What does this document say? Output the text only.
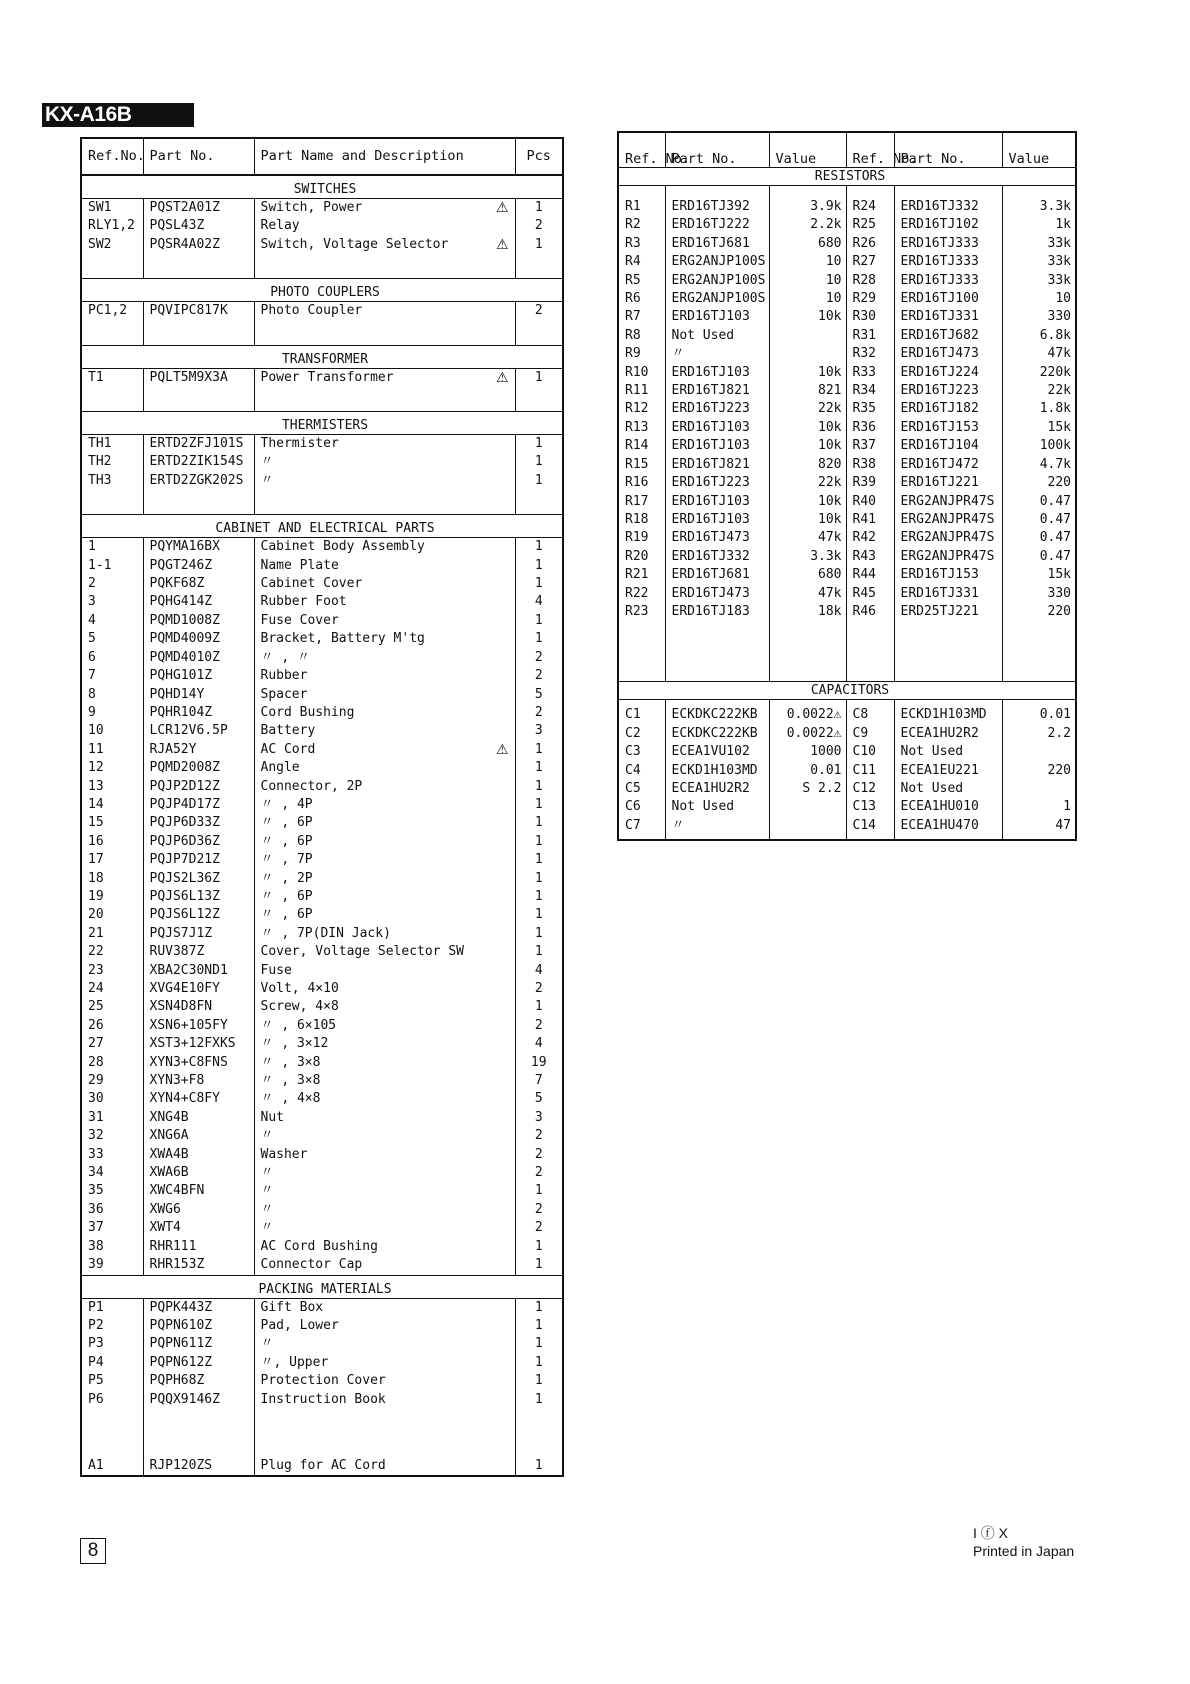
KX-A16B
Ref.No.	Part No.	Part Name and Description	Pcs
SWITCHES			
SW1	PQST2A01Z	Switch, Power ⚠	1
RLY1,2	PQSL43Z	Relay	2
SW2	PQSR4A02Z	Switch, Voltage Selector ⚠	1

PHOTO COUPLERS			
PC1,2	PQVIPC817K	Photo Coupler	2

TRANSFORMER			
T1	PQLT5M9X3A	Power Transformer ⚠	1

THERMISTERS			
TH1	ERTD2ZFJ101S	Thermister	1
TH2	ERTD2ZIK154S	〃	1
TH3	ERTD2ZGK202S	〃	1

CABINET AND ELECTRICAL PARTS			
1	PQYMA16BX	Cabinet Body Assembly	1
1-1	PQGT246Z	Name Plate	1
2	PQKF68Z	Cabinet Cover	1
3	PQHG414Z	Rubber Foot	4
4	PQMD1008Z	Fuse Cover	1
5	PQMD4009Z	Bracket, Battery M'tg	1
6	PQMD4010Z	〃 , 〃	2
7	PQHG101Z	Rubber	2
8	PQHD14Y	Spacer	5
9	PQHR104Z	Cord Bushing	2
10	LCR12V6.5P	Battery	3
11	RJA52Y	AC Cord ⚠	1
12	PQMD2008Z	Angle	1
13	PQJP2D12Z	Connector, 2P	1
14	PQJP4D17Z	〃 , 4P	1
15	PQJP6D33Z	〃 , 6P	1
16	PQJP6D36Z	〃 , 6P	1
17	PQJP7D21Z	〃 , 7P	1
18	PQJS2L36Z	〃 , 2P	1
19	PQJS6L13Z	〃 , 6P	1
20	PQJS6L12Z	〃 , 6P	1
21	PQJS7J1Z	〃 , 7P(DIN Jack)	1
22	RUV387Z	Cover, Voltage Selector SW	1
23	XBA2C30ND1	Fuse	4
24	XVG4E10FY	Volt, 4×10	2
25	XSN4D8FN	Screw, 4×8	1
26	XSN6+105FY	〃 , 6×105	2
27	XST3+12FXKS	〃 , 3×12	4
28	XYN3+C8FNS	〃 , 3×8	19
29	XYN3+F8	〃 , 3×8	7
30	XYN4+C8FY	〃 , 4×8	5
31	XNG4B	Nut	3
32	XNG6A	〃	2
33	XWA4B	Washer	2
34	XWA6B	〃	2
35	XWC4BFN	〃	1
36	XWG6	〃	2
37	XWT4	〃	2
38	RHR111	AC Cord Bushing	1
39	RHR153Z	Connector Cap	1
PACKING MATERIALS			
P1	PQPK443Z	Gift Box	1
P2	PQPN610Z	Pad, Lower	1
P3	PQPN611Z	〃	1
P4	PQPN612Z	〃, Upper	1
P5	PQPH68Z	Protection Cover	1
P6	PQQX9146Z	Instruction Book	1

A1	RJP120ZS	Plug for AC Cord	1
Ref. No.	Part No.	Value	Ref. No.	Part No.	Value
RESISTORS					

R1	ERD16TJ392	3.9k	R24	ERD16TJ332	3.3k
R2	ERD16TJ222	2.2k	R25	ERD16TJ102	1k
R3	ERD16TJ681	680	R26	ERD16TJ333	33k
R4	ERG2ANJP100S	10	R27	ERD16TJ333	33k
R5	ERG2ANJP100S	10	R28	ERD16TJ333	33k
R6	ERG2ANJP100S	10	R29	ERD16TJ100	10
R7	ERD16TJ103	10k	R30	ERD16TJ331	330
R8	Not Used		R31	ERD16TJ682	6.8k
R9	〃		R32	ERD16TJ473	47k
R10	ERD16TJ103	10k	R33	ERD16TJ224	220k
R11	ERD16TJ821	821	R34	ERD16TJ223	22k
R12	ERD16TJ223	22k	R35	ERD16TJ182	1.8k
R13	ERD16TJ103	10k	R36	ERD16TJ153	15k
R14	ERD16TJ103	10k	R37	ERD16TJ104	100k
R15	ERD16TJ821	820	R38	ERD16TJ472	4.7k
R16	ERD16TJ223	22k	R39	ERD16TJ221	220
R17	ERD16TJ103	10k	R40	ERG2ANJPR47S	0.47
R18	ERD16TJ103	10k	R41	ERG2ANJPR47S	0.47
R19	ERD16TJ473	47k	R42	ERG2ANJPR47S	0.47
R20	ERD16TJ332	3.3k	R43	ERG2ANJPR47S	0.47
R21	ERD16TJ681	680	R44	ERD16TJ153	15k
R22	ERD16TJ473	47k	R45	ERD16TJ331	330
R23	ERD16TJ183	18k	R46	ERD25TJ221	220

CAPACITORS					

C1	ECKDKC222KB	0.0022⚠	C8	ECKD1H103MD	0.01
C2	ECKDKC222KB	0.0022⚠	C9	ECEA1HU2R2	2.2
C3	ECEA1VU102	1000	C10	Not Used	
C4	ECKD1H103MD	0.01	C11	ECEA1EU221	220
C5	ECEA1HU2R2	S 2.2	C12	Not Used	
C6	Not Used		C13	ECEA1HU010	1
C7	〃		C14	ECEA1HU470	47

8
I ⓕ X
Printed in Japan
